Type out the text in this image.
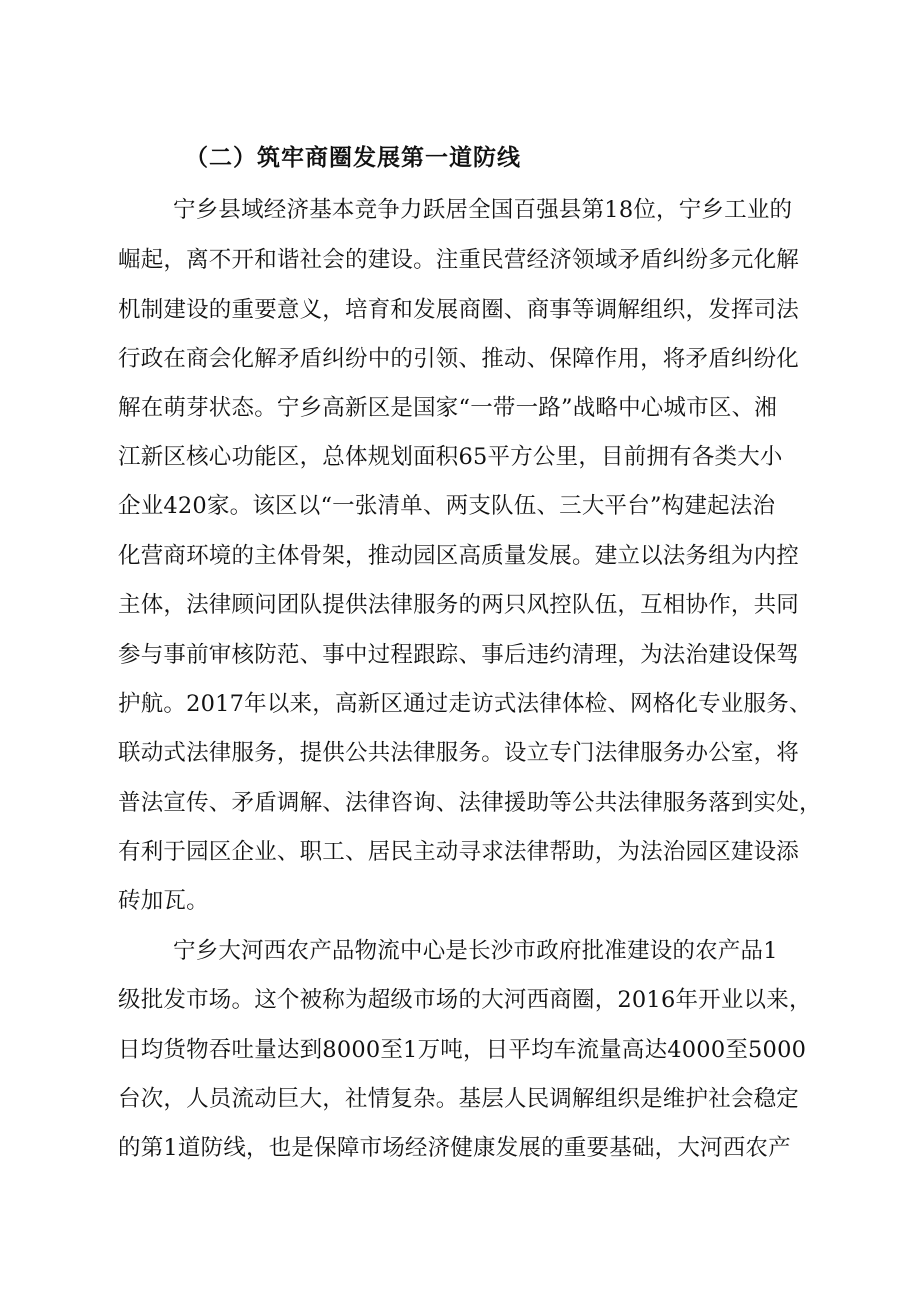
（二）筑牢商圈发展第一道防线
宁乡县域经济基本竞争力跃居全国百强县第18位，宁乡工业的
崛起，离不开和谐社会的建设。注重民营经济领域矛盾纠纷多元化解
机制建设的重要意义，培育和发展商圈、商事等调解组织，发挥司法
行政在商会化解矛盾纠纷中的引领、推动、保障作用，将矛盾纠纷化
解在萌芽状态。宁乡高新区是国家“一带一路”战略中心城市区、湘
江新区核心功能区，总体规划面积65平方公里，目前拥有各类大小
企业420家。该区以“一张清单、两支队伍、三大平台”构建起法治
化营商环境的主体骨架，推动园区高质量发展。建立以法务组为内控
主体，法律顾问团队提供法律服务的两只风控队伍，互相协作，共同
参与事前审核防范、事中过程跟踪、事后违约清理，为法治建设保驾
护航。2017年以来，高新区通过走访式法律体检、网格化专业服务、
联动式法律服务，提供公共法律服务。设立专门法律服务办公室，将
普法宣传、矛盾调解、法律咨询、法律援助等公共法律服务落到实处，
有利于园区企业、职工、居民主动寻求法律帮助，为法治园区建设添
砖加瓦。
宁乡大河西农产品物流中心是长沙市政府批准建设的农产品1
级批发市场。这个被称为超级市场的大河西商圈，2016年开业以来，
日均货物吞吐量达到8000至1万吨，日平均车流量高达4000至5000
台次，人员流动巨大，社情复杂。基层人民调解组织是维护社会稳定
的第1道防线，也是保障市场经济健康发展的重要基础，大河西农产
